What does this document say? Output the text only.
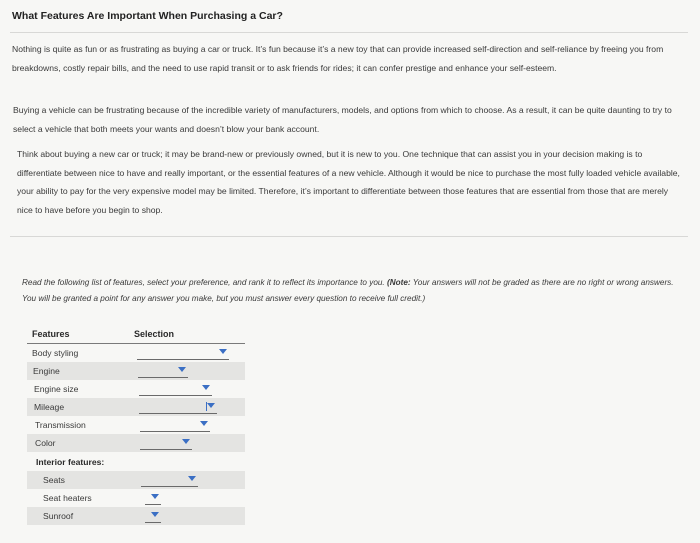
What Features Are Important When Purchasing a Car?
Nothing is quite as fun or as frustrating as buying a car or truck. It’s fun because it’s a new toy that can provide increased self-direction and self-reliance by freeing you from breakdowns, costly repair bills, and the need to use rapid transit or to ask friends for rides; it can confer prestige and enhance your self-esteem.
Buying a vehicle can be frustrating because of the incredible variety of manufacturers, models, and options from which to choose. As a result, it can be quite daunting to try to select a vehicle that both meets your wants and doesn’t blow your bank account.
Think about buying a new car or truck; it may be brand-new or previously owned, but it is new to you. One technique that can assist you in your decision making is to differentiate between nice to have and really important, or the essential features of a new vehicle. Although it would be nice to purchase the most fully loaded vehicle available, your ability to pay for the very expensive model may be limited. Therefore, it’s important to differentiate between those features that are essential from those that are merely nice to have before you begin to shop.
Read the following list of features, select your preference, and rank it to reflect its importance to you. (Note: Your answers will not be graded as there are no right or wrong answers. You will be granted a point for any answer you make, but you must answer every question to receive full credit.)
Features	Selection
Body styling
Engine
Engine size
Mileage
Transmission
Color
Interior features:
Seats
Seat heaters
Sunroof
